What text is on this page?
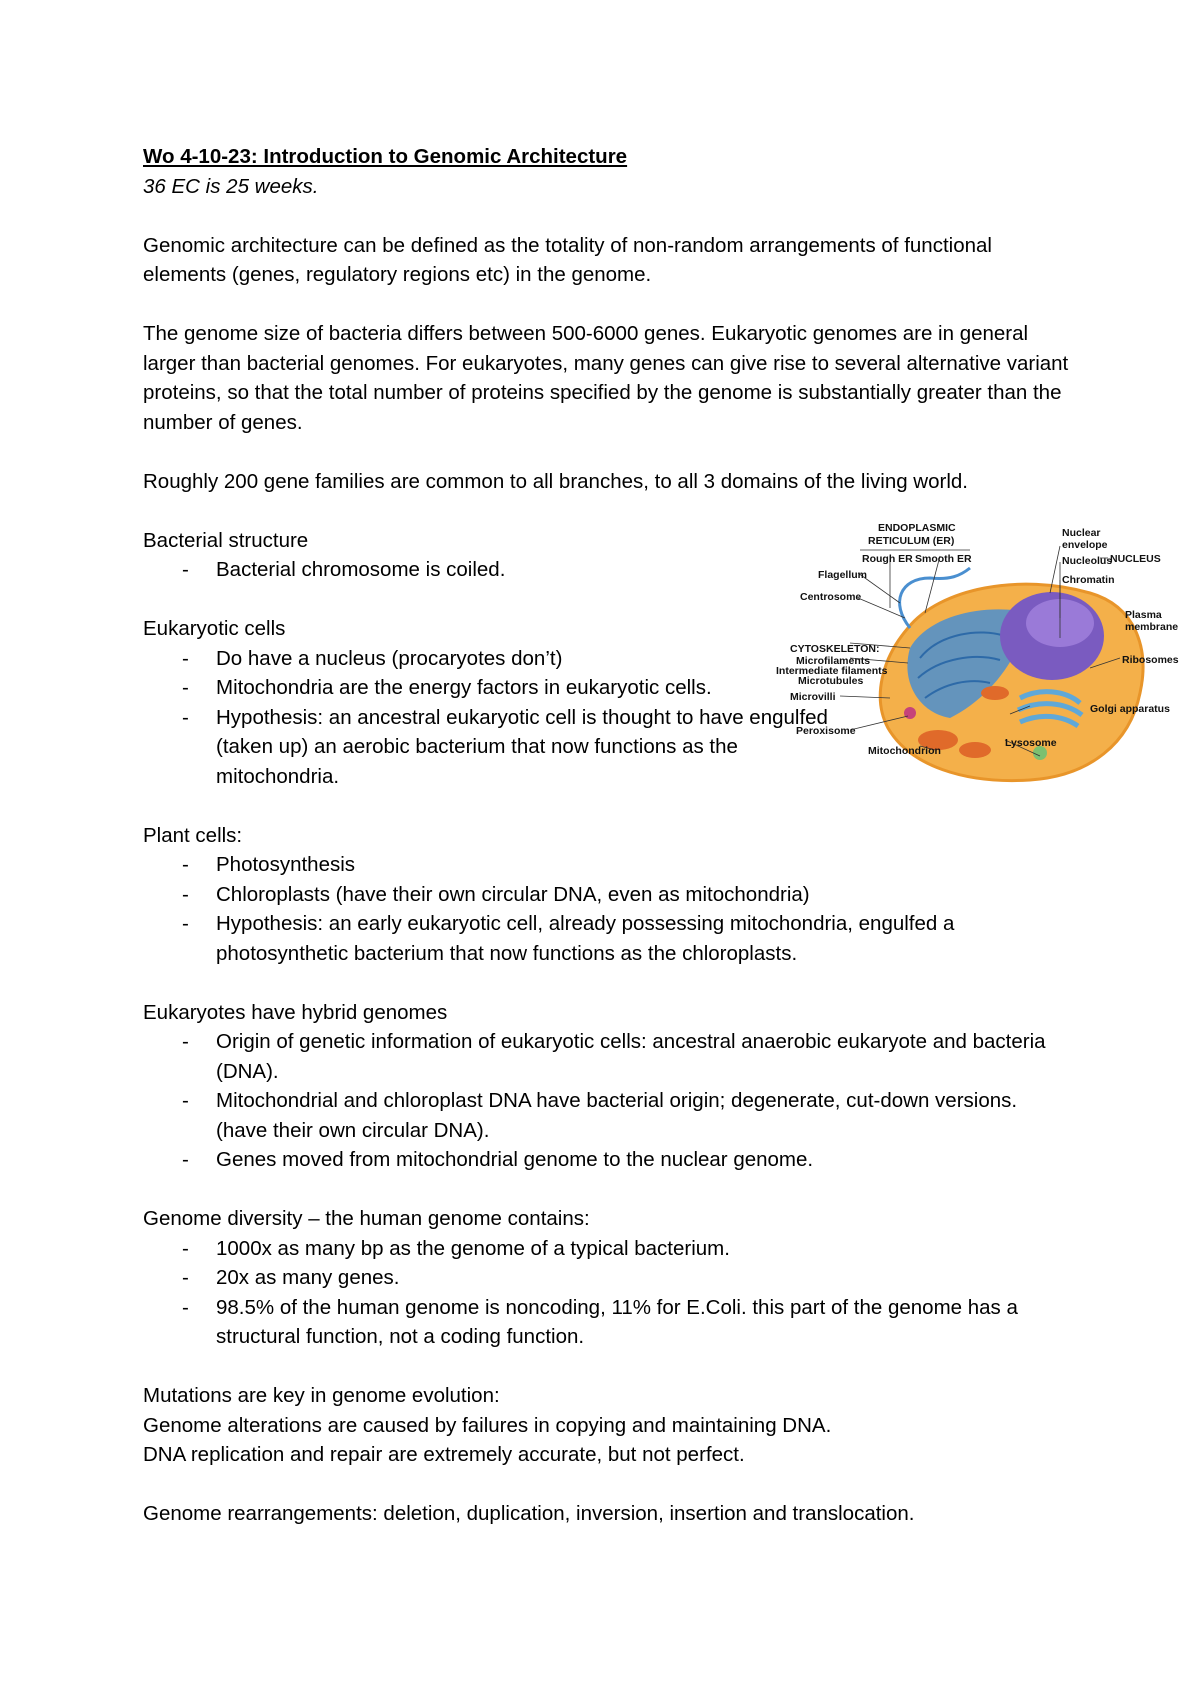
Wo 4-10-23: Introduction to Genomic Architecture

36 EC is 25 weeks.

Genomic architecture can be defined as the totality of non-random arrangements of functional elements (genes, regulatory regions etc) in the genome.

The genome size of bacteria differs between 500-6000 genes. Eukaryotic genomes are in general larger than bacterial genomes. For eukaryotes, many genes can give rise to several alternative variant proteins, so that the total number of proteins specified by the genome is substantially greater than the number of genes.

Roughly 200 gene families are common to all branches, to all 3 domains of the living world.

Bacterial structure

- Bacterial chromosome is coiled.

Eukaryotic cells

- Do have a nucleus (procaryotes don’t)
- Mitochondria are the energy factors in eukaryotic cells.
- Hypothesis: an ancestral eukaryotic cell is thought to have engulfed (taken up) an aerobic bacterium that now functions as the mitochondria.

Plant cells:

- Photosynthesis
- Chloroplasts (have their own circular DNA, even as mitochondria)
- Hypothesis: an early eukaryotic cell, already possessing mitochondria, engulfed a photosynthetic bacterium that now functions as the chloroplasts.

Eukaryotes have hybrid genomes

- Origin of genetic information of eukaryotic cells: ancestral anaerobic eukaryote and bacteria (DNA).
- Mitochondrial and chloroplast DNA have bacterial origin; degenerate, cut-down versions. (have their own circular DNA).
- Genes moved from mitochondrial genome to the nuclear genome.

Genome diversity – the human genome contains:

- 1000x as many bp as the genome of a typical bacterium.
- 20x as many genes.
- 98.5% of the human genome is noncoding, 11% for E.Coli. this part of the genome has a structural function, not a coding function.

Mutations are key in genome evolution:

Genome alterations are caused by failures in copying and maintaining DNA.

DNA replication and repair are extremely accurate, but not perfect.

Genome rearrangements: deletion, duplication, inversion, insertion and translocation.

ENDOPLASMIC
RETICULUM (ER)
Rough ER Smooth ER
Nuclear
envelope
Nucleolus
NUCLEUS
Chromatin
Plasma
membrane
Flagellum
Centrosome
CYTOSKELETON:
Microfilaments
Intermediate filaments
Microtubules
Ribosomes
Microvilli
Golgi apparatus
Peroxisome
Lysosome
Mitochondrion
